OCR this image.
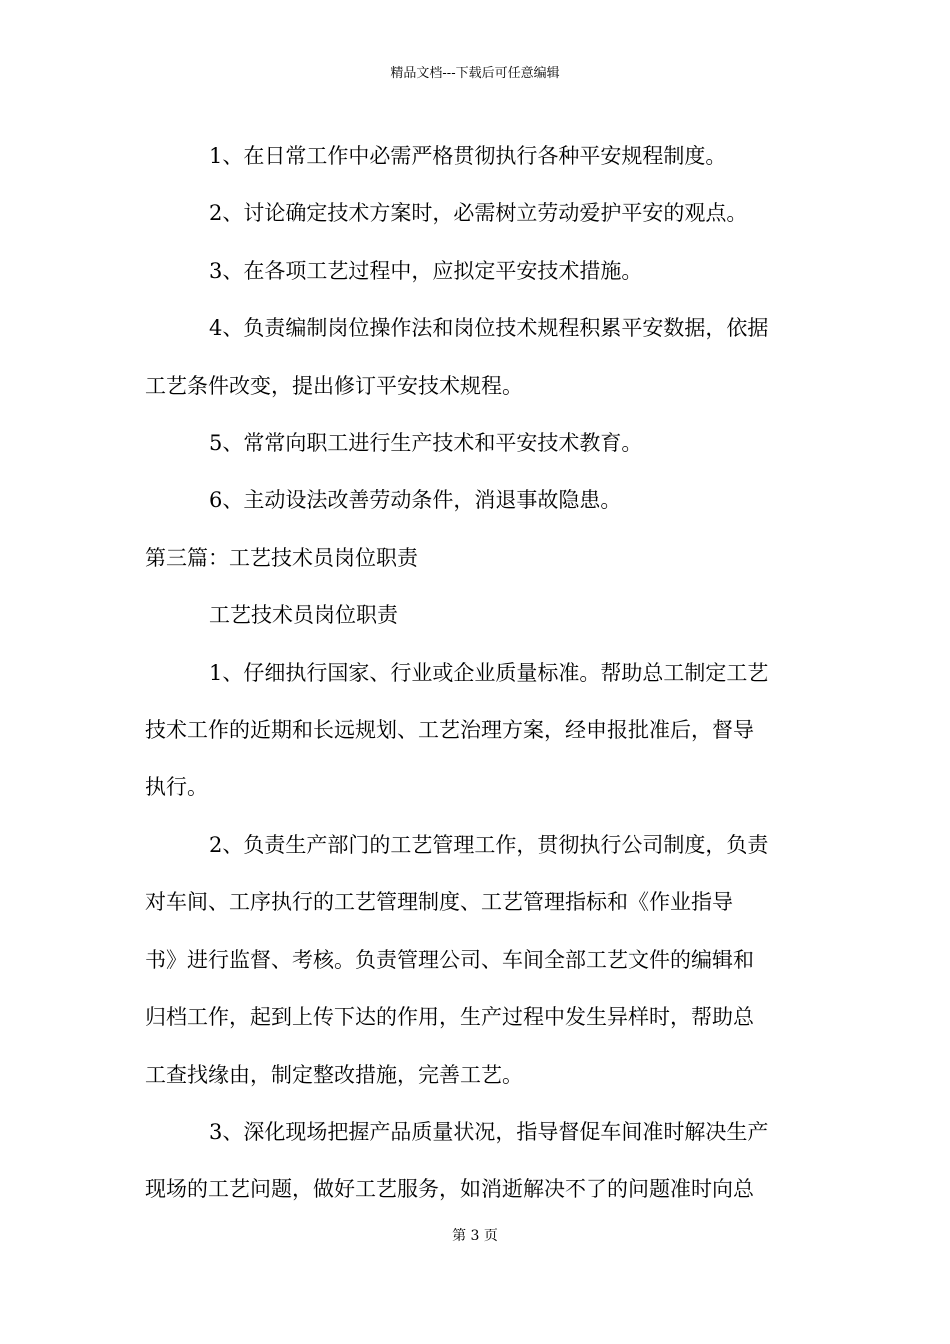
精品文档---下载后可任意编辑

1、在日常工作中必需严格贯彻执行各种平安规程制度。

2、讨论确定技术方案时，必需树立劳动爱护平安的观点。

3、在各项工艺过程中，应拟定平安技术措施。

4、负责编制岗位操作法和岗位技术规程积累平安数据，依据

工艺条件改变，提出修订平安技术规程。

5、常常向职工进行生产技术和平安技术教育。

6、主动设法改善劳动条件，消退事故隐患。

第三篇：工艺技术员岗位职责

工艺技术员岗位职责

1、仔细执行国家、行业或企业质量标准。帮助总工制定工艺

技术工作的近期和长远规划、工艺治理方案，经申报批准后，督导

执行。

2、负责生产部门的工艺管理工作，贯彻执行公司制度，负责

对车间、工序执行的工艺管理制度、工艺管理指标和《作业指导

书》进行监督、考核。负责管理公司、车间全部工艺文件的编辑和

归档工作，起到上传下达的作用，生产过程中发生异样时，帮助总

工查找缘由，制定整改措施，完善工艺。

3、深化现场把握产品质量状况，指导督促车间准时解决生产

现场的工艺问题，做好工艺服务，如消逝解决不了的问题准时向总

第 3 页
